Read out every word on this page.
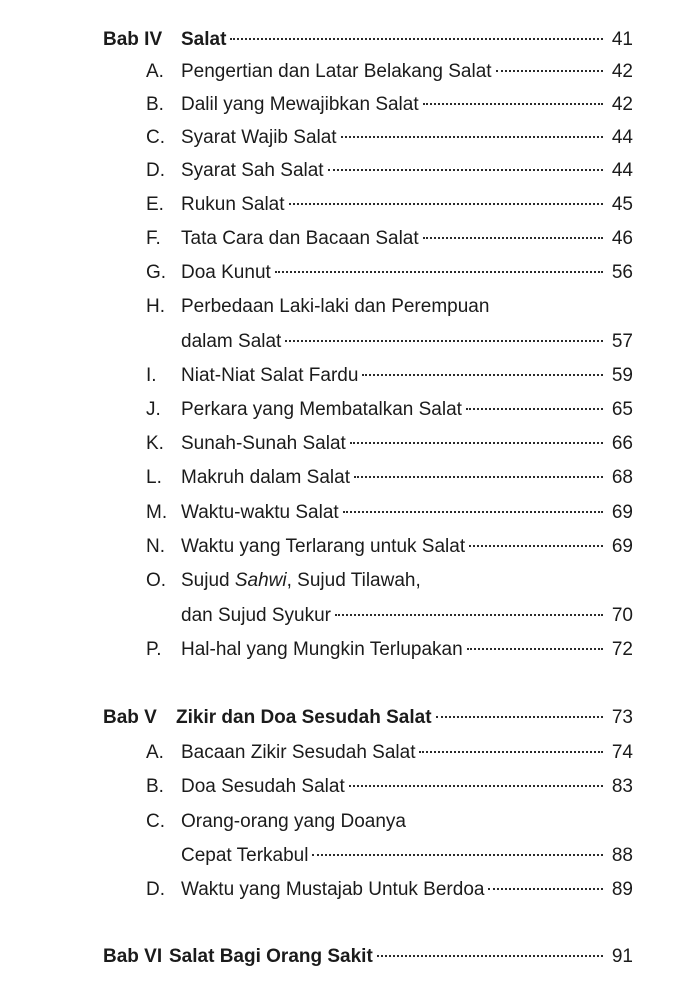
Bab IV Salat	41
A. Pengertian dan Latar Belakang Salat	42
B. Dalil yang Mewajibkan Salat	42
C. Syarat Wajib Salat	44
D. Syarat Sah Salat	44
E. Rukun Salat	45
F. Tata Cara dan Bacaan Salat	46
G. Doa Kunut	56
H. Perbedaan Laki-laki dan Perempuan
dalam Salat	57
I. Niat-Niat Salat Fardu	59
J. Perkara yang Membatalkan Salat	65
K. Sunah-Sunah Salat	66
L. Makruh dalam Salat	68
M. Waktu-waktu Salat	69
N. Waktu yang Terlarang untuk Salat	69
O. Sujud Sahwi, Sujud Tilawah,
dan Sujud Syukur	70
P. Hal-hal yang Mungkin Terlupakan	72
Bab V Zikir dan Doa Sesudah Salat	73
A. Bacaan Zikir Sesudah Salat	74
B. Doa Sesudah Salat	83
C. Orang-orang yang Doanya
Cepat Terkabul	88
D. Waktu yang Mustajab Untuk Berdoa	89
Bab VI Salat Bagi Orang Sakit	91
